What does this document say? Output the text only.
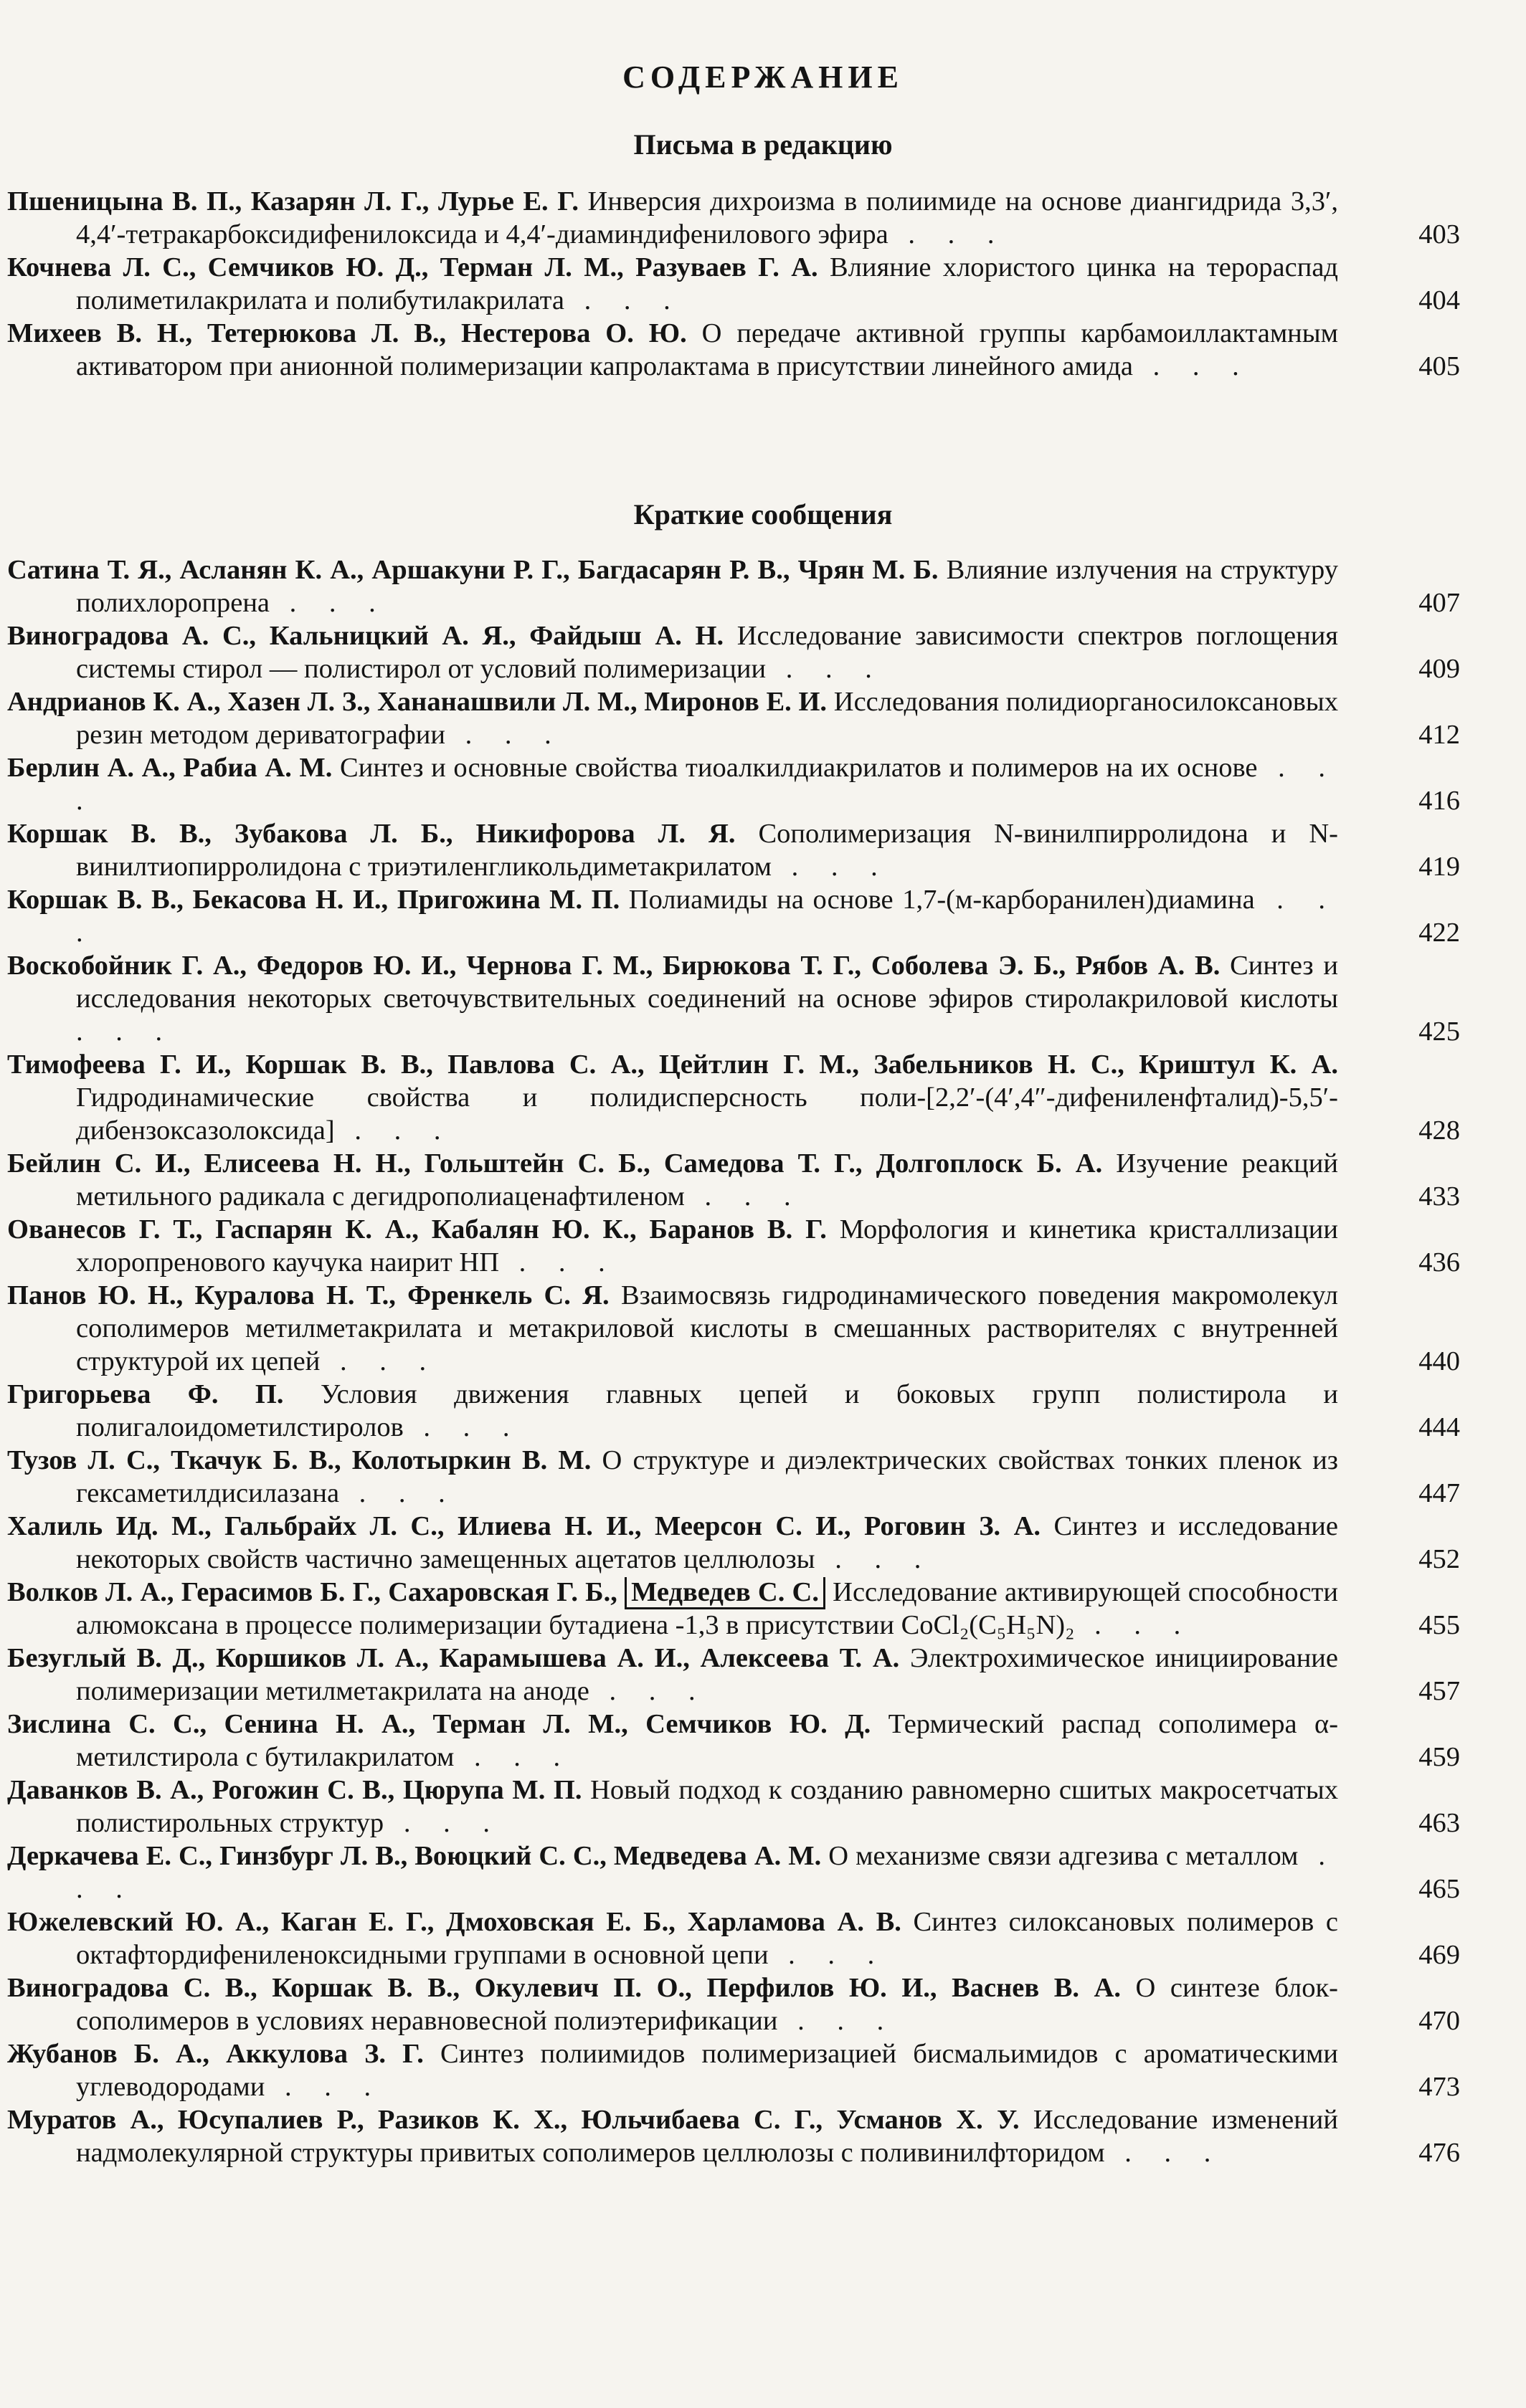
СОДЕРЖАНИЕ
Письма в редакцию
Пшеницына В. П., Казарян Л. Г., Лурье Е. Г. Инверсия дихроизма в полиимиде на основе диангидрида 3,3′, 4,4′-тетракарбоксидифенилоксида и 4,4′-диаминдифенилового эфира . . .	403
Кочнева Л. С., Семчиков Ю. Д., Терман Л. М., Разуваев Г. А. Влияние хлористого цинка на терораспад полиметилакрилата и полибутилакрилата . . .	404
Михеев В. Н., Тетерюкова Л. В., Нестерова О. Ю. О передаче активной группы карбамоиллактамным активатором при анионной полимеризации капролактама в присутствии линейного амида . . .	405
Краткие сообщения
Сатина Т. Я., Асланян К. А., Аршакуни Р. Г., Багдасарян Р. В., Чрян М. Б. Влияние излучения на структуру полихлоропрена . . .	407
Виноградова А. С., Кальницкий А. Я., Файдыш А. Н. Исследование зависимости спектров поглощения системы стирол — полистирол от условий полимеризации . . .	409
Андрианов К. А., Хазен Л. З., Хананашвили Л. М., Миронов Е. И. Исследования полидиорганосилоксановых резин методом дериватографии . . .	412
Берлин А. А., Рабиа А. М. Синтез и основные свойства тиоалкилдиакрилатов и полимеров на их основе . . .	416
Коршак В. В., Зубакова Л. Б., Никифорова Л. Я. Сополимеризация N-винилпирролидона и N-винилтиопирролидона с триэтиленгликольдиметакрилатом . . .	419
Коршак В. В., Бекасова Н. И., Пригожина М. П. Полиамиды на основе 1,7-(м-карборанилен)диамина . . .	422
Воскобойник Г. А., Федоров Ю. И., Чернова Г. М., Бирюкова Т. Г., Соболева Э. Б., Рябов А. В. Синтез и исследования некоторых светочувствительных соединений на основе эфиров стиролакриловой кислоты . . .	425
Тимофеева Г. И., Коршак В. В., Павлова С. А., Цейтлин Г. М., Забельников Н. С., Криштул К. А. Гидродинамические свойства и полидисперсность поли-[2,2′-(4′,4″-дифениленфталид)-5,5′-дибензоксазолоксида] . . .	428
Бейлин С. И., Елисеева Н. Н., Гольштейн С. Б., Самедова Т. Г., Долгоплоск Б. А. Изучение реакций метильного радикала с дегидрополиаценафтиленом . . .	433
Ованесов Г. Т., Гаспарян К. А., Кабалян Ю. К., Баранов В. Г. Морфология и кинетика кристаллизации хлоропренового каучука наирит НП . . .	436
Панов Ю. Н., Куралова Н. Т., Френкель С. Я. Взаимосвязь гидродинамического поведения макромолекул сополимеров метилметакрилата и метакриловой кислоты в смешанных растворителях с внутренней структурой их цепей . . .	440
Григорьева Ф. П. Условия движения главных цепей и боковых групп полистирола и полигалоидометилстиролов . . .	444
Тузов Л. С., Ткачук Б. В., Колотыркин В. М. О структуре и диэлектрических свойствах тонких пленок из гексаметилдисилазана . . .	447
Халиль Ид. М., Гальбрайх Л. С., Илиева Н. И., Меерсон С. И., Роговин З. А. Синтез и исследование некоторых свойств частично замещенных ацетатов целлюлозы . . .	452
Волков Л. А., Герасимов Б. Г., Сахаровская Г. Б., Медведев С. С. Исследование активирующей способности алюмоксана в процессе полимеризации бутадиена -1,3 в присутствии CoCl₂(C₅H₅N)₂ . . .	455
Безуглый В. Д., Коршиков Л. А., Карамышева А. И., Алексеева Т. А. Электрохимическое инициирование полимеризации метилметакрилата на аноде . . .	457
Зислина С. С., Сенина Н. А., Терман Л. М., Семчиков Ю. Д. Термический распад сополимера α-метилстирола с бутилакрилатом . . .	459
Даванков В. А., Рогожин С. В., Цюрупа М. П. Новый подход к созданию равномерно сшитых макросетчатых полистирольных структур . . .	463
Деркачева Е. С., Гинзбург Л. В., Воюцкий С. С., Медведева А. М. О механизме связи адгезива с металлом . . .	465
Южелевский Ю. А., Каган Е. Г., Дмоховская Е. Б., Харламова А. В. Синтез силоксановых полимеров с октафтордифениленоксидными группами в основной цепи . . .	469
Виноградова С. В., Коршак В. В., Окулевич П. О., Перфилов Ю. И., Васнев В. А. О синтезе блок-сополимеров в условиях неравновесной полиэтерификации . . .	470
Жубанов Б. А., Аккулова З. Г. Синтез полиимидов полимеризацией бисмальимидов с ароматическими углеводородами . . .	473
Муратов А., Юсупалиев Р., Разиков К. Х., Юльчибаева С. Г., Усманов Х. У. Исследование изменений надмолекулярной структуры привитых сополимеров целлюлозы с поливинилфторидом . . .	476
